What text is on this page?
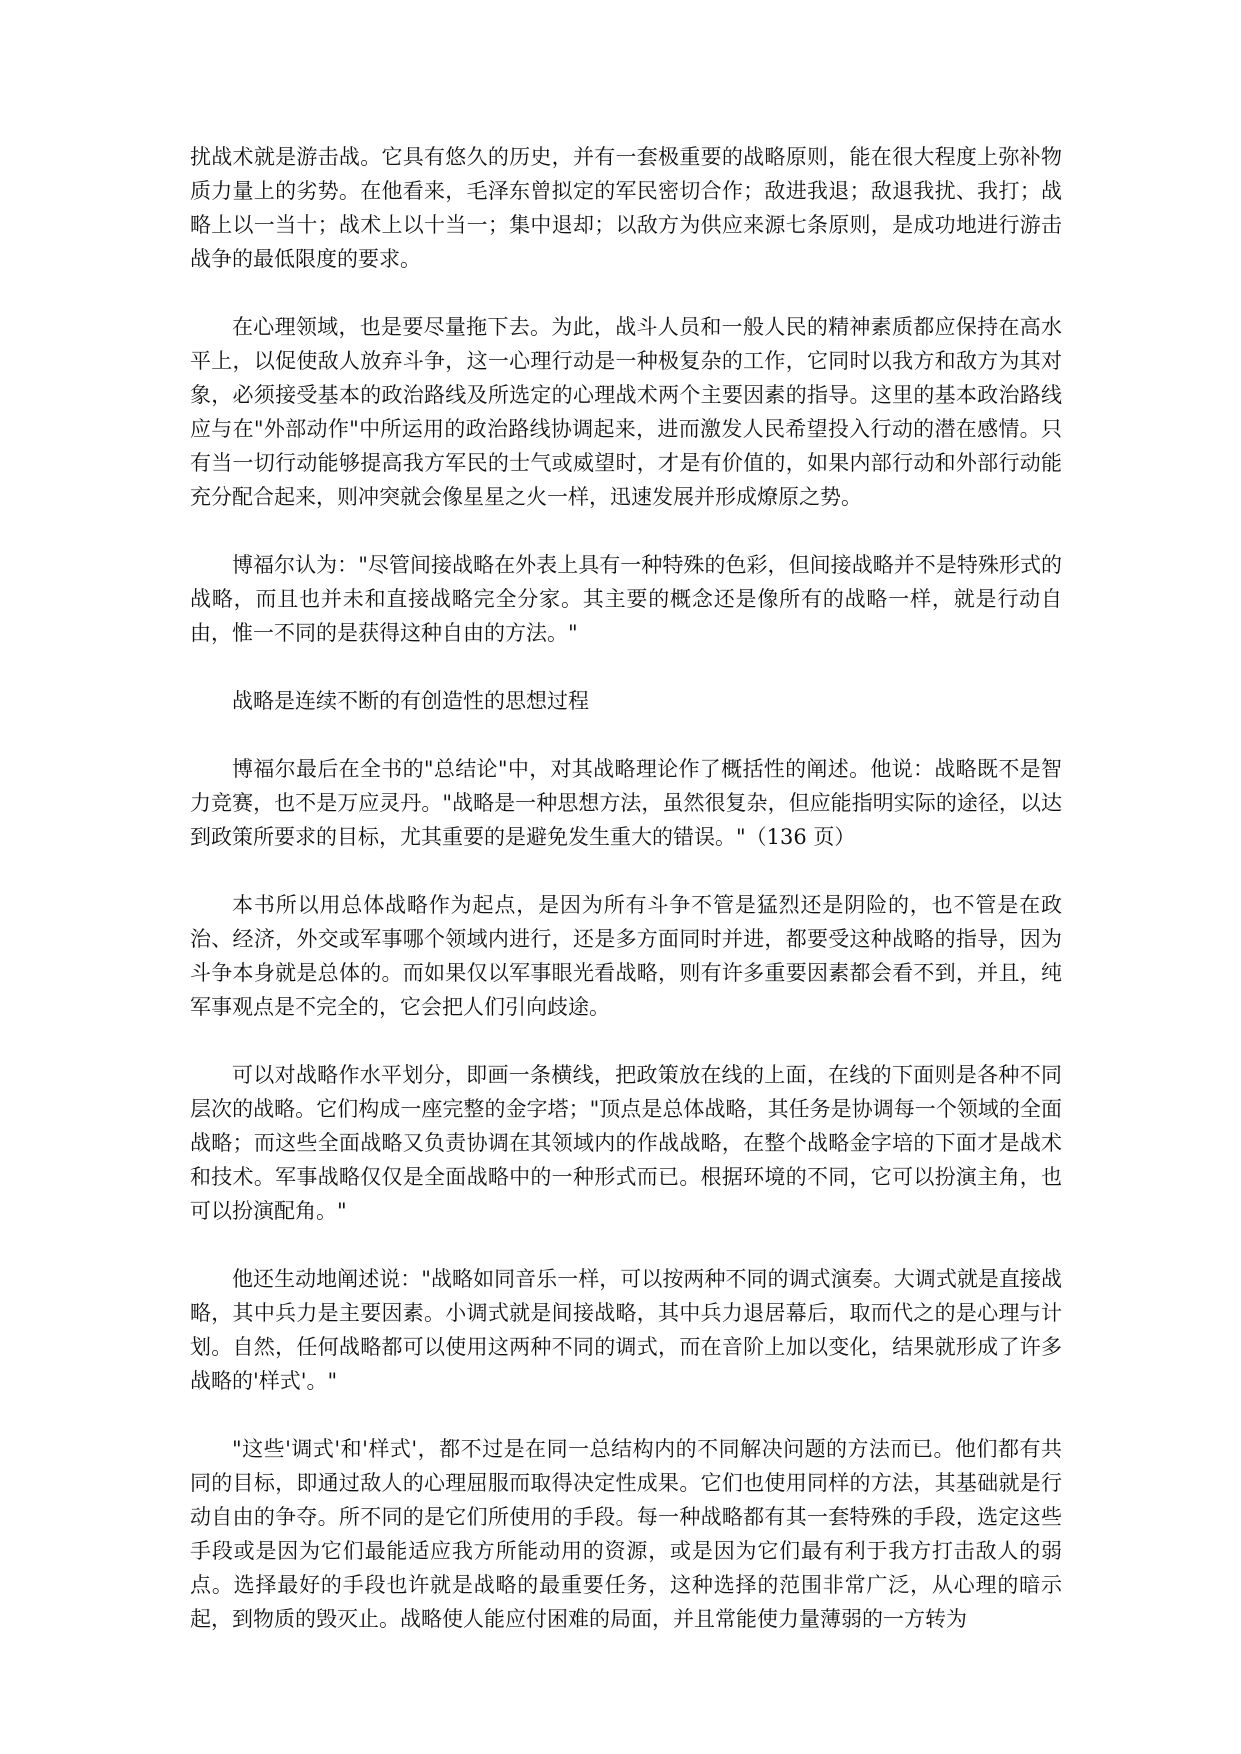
扰战术就是游击战。它具有悠久的历史，并有一套极重要的战略原则，能在很大程度上弥补物质力量上的劣势。在他看来，毛泽东曾拟定的军民密切合作；敌进我退；敌退我扰、我打；战略上以一当十；战术上以十当一；集中退却；以敌方为供应来源七条原则，是成功地进行游击战争的最低限度的要求。

在心理领域，也是要尽量拖下去。为此，战斗人员和一般人民的精神素质都应保持在高水平上，以促使敌人放弃斗争，这一心理行动是一种极复杂的工作，它同时以我方和敌方为其对象，必须接受基本的政治路线及所选定的心理战术两个主要因素的指导。这里的基本政治路线应与在"外部动作"中所运用的政治路线协调起来，进而激发人民希望投入行动的潜在感情。只有当一切行动能够提高我方军民的士气或威望时，才是有价值的，如果内部行动和外部行动能充分配合起来，则冲突就会像星星之火一样，迅速发展并形成燎原之势。

博福尔认为："尽管间接战略在外表上具有一种特殊的色彩，但间接战略并不是特殊形式的战略，而且也并未和直接战略完全分家。其主要的概念还是像所有的战略一样，就是行动自由，惟一不同的是获得这种自由的方法。"

战略是连续不断的有创造性的思想过程

博福尔最后在全书的"总结论"中，对其战略理论作了概括性的阐述。他说：战略既不是智力竞赛，也不是万应灵丹。"战略是一种思想方法，虽然很复杂，但应能指明实际的途径，以达到政策所要求的目标，尤其重要的是避免发生重大的错误。"（136 页）

本书所以用总体战略作为起点，是因为所有斗争不管是猛烈还是阴险的，也不管是在政治、经济，外交或军事哪个领域内进行，还是多方面同时并进，都要受这种战略的指导，因为斗争本身就是总体的。而如果仅以军事眼光看战略，则有许多重要因素都会看不到，并且，纯军事观点是不完全的，它会把人们引向歧途。

可以对战略作水平划分，即画一条横线，把政策放在线的上面，在线的下面则是各种不同层次的战略。它们构成一座完整的金字塔；"顶点是总体战略，其任务是协调每一个领域的全面战略；而这些全面战略又负责协调在其领域内的作战战略，在整个战略金字培的下面才是战术和技术。军事战略仅仅是全面战略中的一种形式而已。根据环境的不同，它可以扮演主角，也可以扮演配角。"

他还生动地阐述说："战略如同音乐一样，可以按两种不同的调式演奏。大调式就是直接战略，其中兵力是主要因素。小调式就是间接战略，其中兵力退居幕后，取而代之的是心理与计划。自然，任何战略都可以使用这两种不同的调式，而在音阶上加以变化，结果就形成了许多战略的'样式'。"

"这些'调式'和'样式'，都不过是在同一总结构内的不同解决问题的方法而已。他们都有共同的目标，即通过敌人的心理屈服而取得决定性成果。它们也使用同样的方法，其基础就是行动自由的争夺。所不同的是它们所使用的手段。每一种战略都有其一套特殊的手段，选定这些手段或是因为它们最能适应我方所能动用的资源，或是因为它们最有利于我方打击敌人的弱点。选择最好的手段也许就是战略的最重要任务，这种选择的范围非常广泛，从心理的暗示起，到物质的毁灭止。战略使人能应付困难的局面，并且常能使力量薄弱的一方转为
